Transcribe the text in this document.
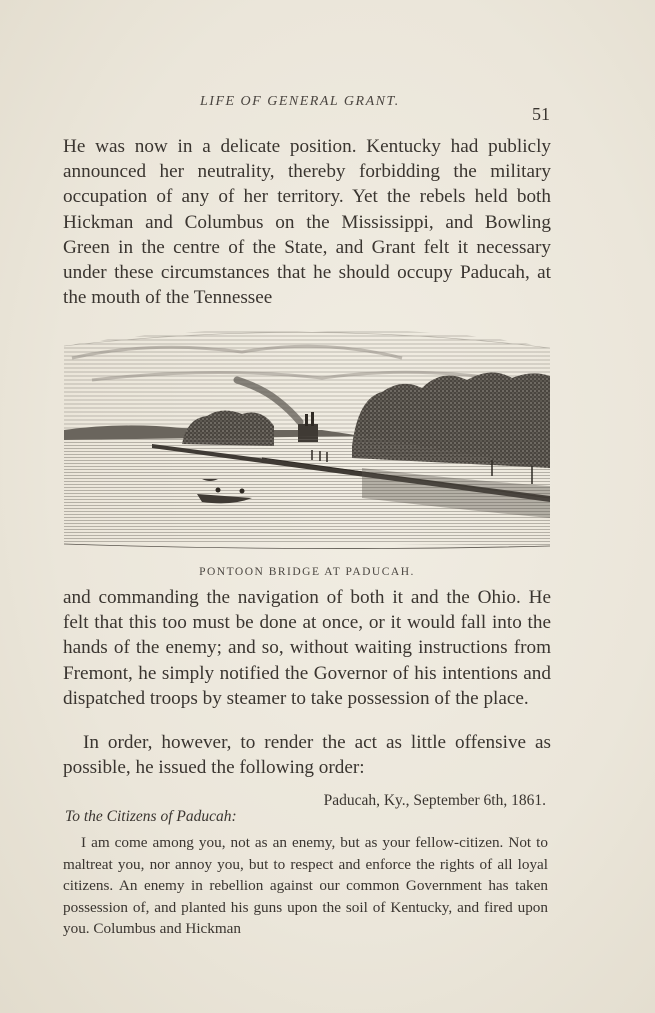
LIFE OF GENERAL GRANT.
51

He was now in a delicate position. Kentucky had publicly announced her neutrality, thereby forbidding the military occupation of any of her territory. Yet the rebels held both Hickman and Columbus on the Mississippi, and Bowling Green in the centre of the State, and Grant felt it necessary under these circumstances that he should occupy Paducah, at the mouth of the Tennessee

PONTOON BRIDGE AT PADUCAH.

and commanding the navigation of both it and the Ohio. He felt that this too must be done at once, or it would fall into the hands of the enemy; and so, without waiting instructions from Fremont, he simply notified the Governor of his intentions and dispatched troops by steamer to take possession of the place.

In order, however, to render the act as little offensive as possible, he issued the following order:

Paducah, Ky., September 6th, 1861.
To the Citizens of Paducah:

I am come among you, not as an enemy, but as your fellow-citizen. Not to maltreat you, nor annoy you, but to respect and enforce the rights of all loyal citizens. An enemy in rebellion against our common Government has taken possession of, and planted his guns upon the soil of Kentucky, and fired upon you. Columbus and Hickman
